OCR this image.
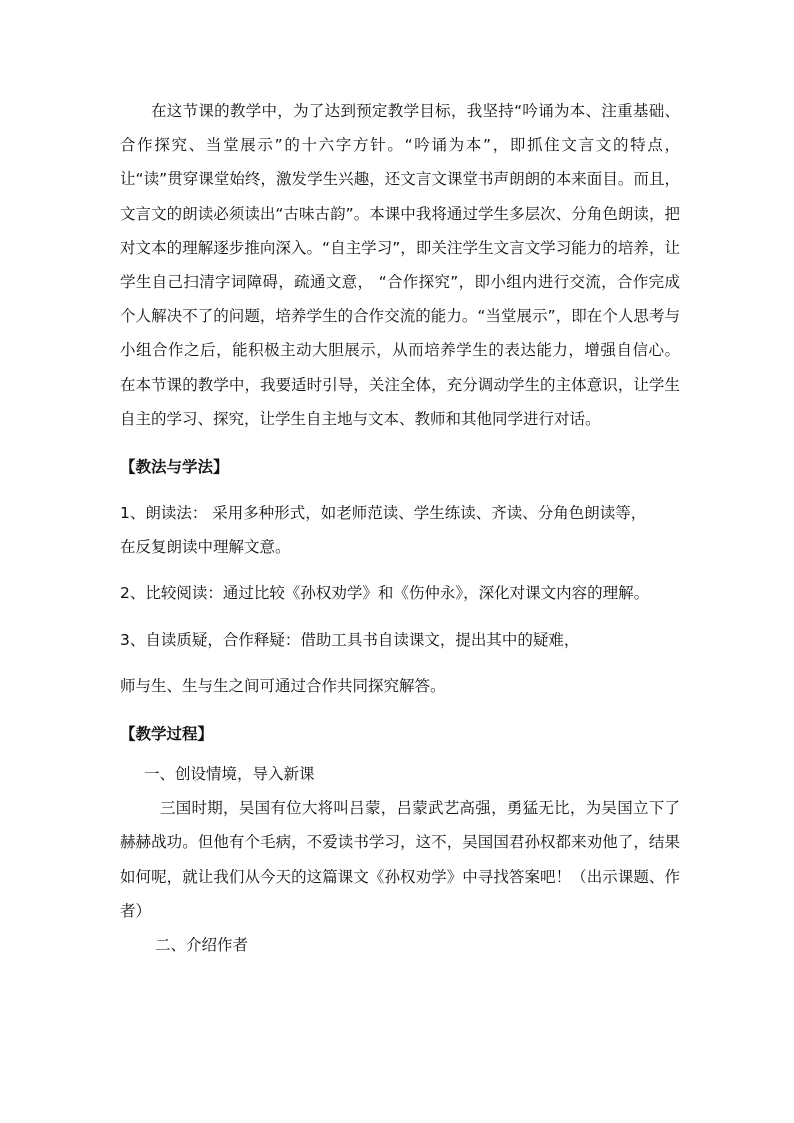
在这节课的教学中，为了达到预定教学目标，我坚持“吟诵为本、注重基础、合作探究、当堂展示”的十六字方针。“吟诵为本”，即抓住文言文的特点，让“读”贯穿课堂始终，激发学生兴趣，还文言文课堂书声朗朗的本来面目。而且，文言文的朗读必须读出“古味古韵”。本课中我将通过学生多层次、分角色朗读，把对文本的理解逐步推向深入。“自主学习”，即关注学生文言文学习能力的培养，让学生自己扫清字词障碍，疏通文意， “合作探究”，即小组内进行交流，合作完成个人解决不了的问题，培养学生的合作交流的能力。“当堂展示”，即在个人思考与小组合作之后，能积极主动大胆展示，从而培养学生的表达能力，增强自信心。 在本节课的教学中，我要适时引导，关注全体，充分调动学生的主体意识，让学生自主的学习、探究，让学生自主地与文本、教师和其他同学进行对话。

【教法与学法】

1、朗读法： 采用多种形式，如老师范读、学生练读、齐读、分角色朗读等，
在反复朗读中理解文意。

2、比较阅读：通过比较《孙权劝学》和《伤仲永》，深化对课文内容的理解。

3、自读质疑，合作释疑：借助工具书自读课文，提出其中的疑难，

师与生、生与生之间可通过合作共同探究解答。

【教学过程】

一、创设情境，导入新课

三国时期，吴国有位大将叫吕蒙，吕蒙武艺高强，勇猛无比，为吴国立下了赫赫战功。但他有个毛病，不爱读书学习，这不，吴国国君孙权都来劝他了，结果如何呢，就让我们从今天的这篇课文《孙权劝学》中寻找答案吧！（出示课题、作者）

二、介绍作者
